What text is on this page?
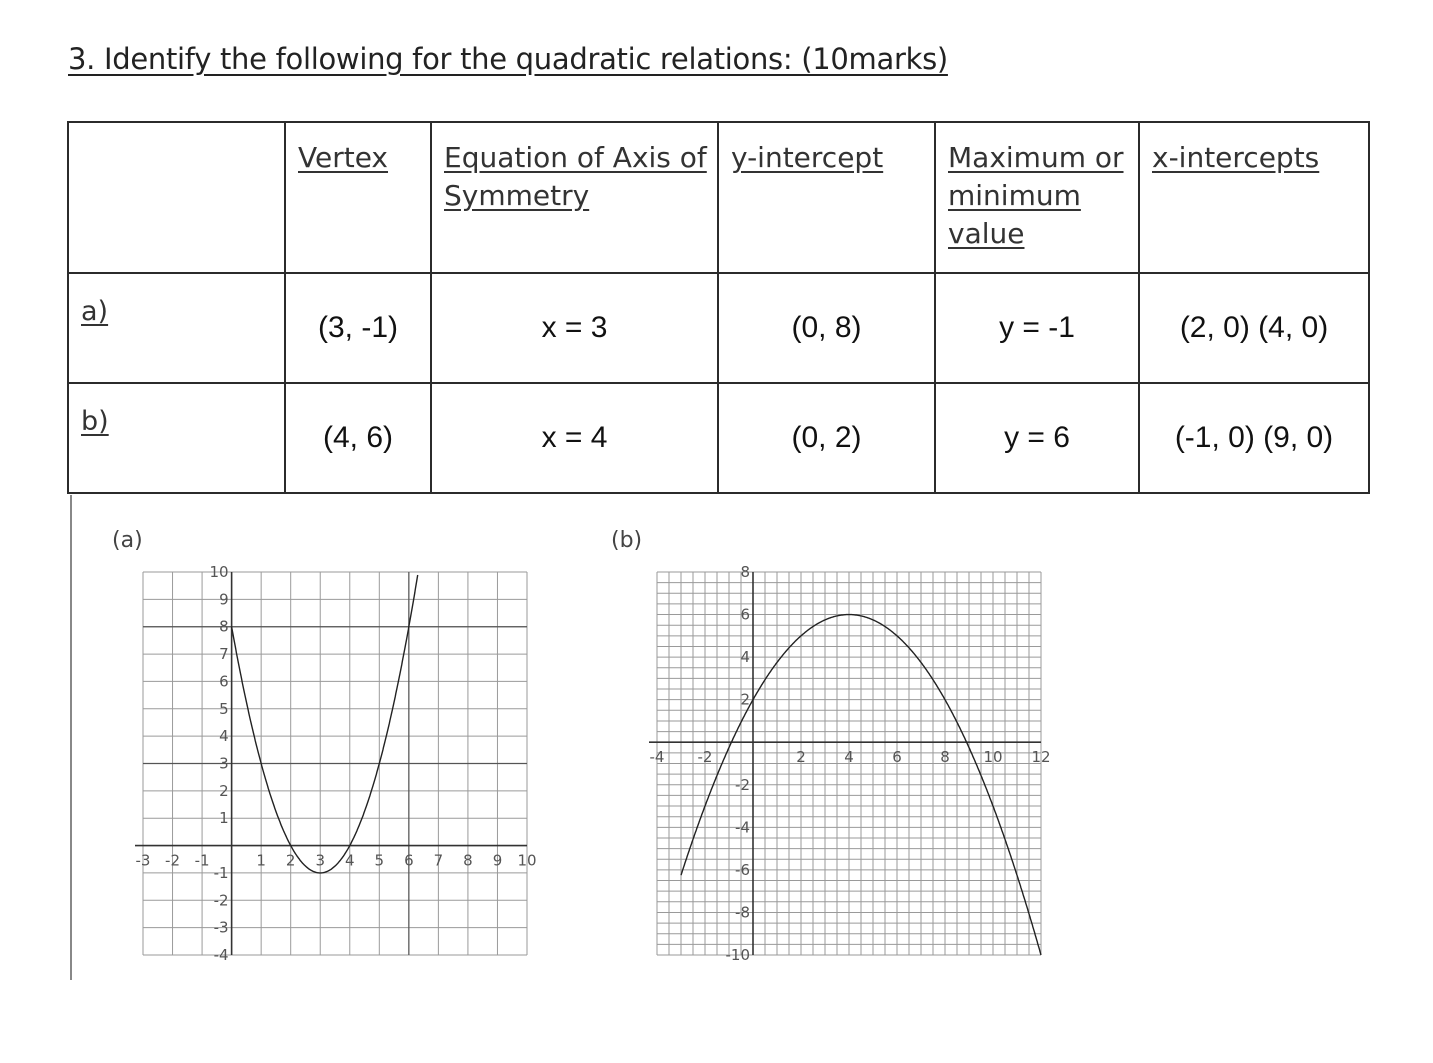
3. Identify the following for the quadratic relations: (10marks)
	Vertex	Equation of Axis of Symmetry	y-intercept	Maximum or minimum value	x-intercepts
a)	(3, -1)	x = 3	(0, 8)	y = -1	(2, 0) (4, 0)
b)	(4, 6)	x = 4	(0, 2)	y = 6	(-1, 0) (9, 0)
(a)	(b)
-3 -2 -1	1 2 3 4 5 6 7 8 9 10
10
9
8
7
6
5
4
3
2
1
-1
-2
-3
-4
-4 -2	2	4	6	8 10 12
8
6
4
2
-2
-4
-6
-8
-10
